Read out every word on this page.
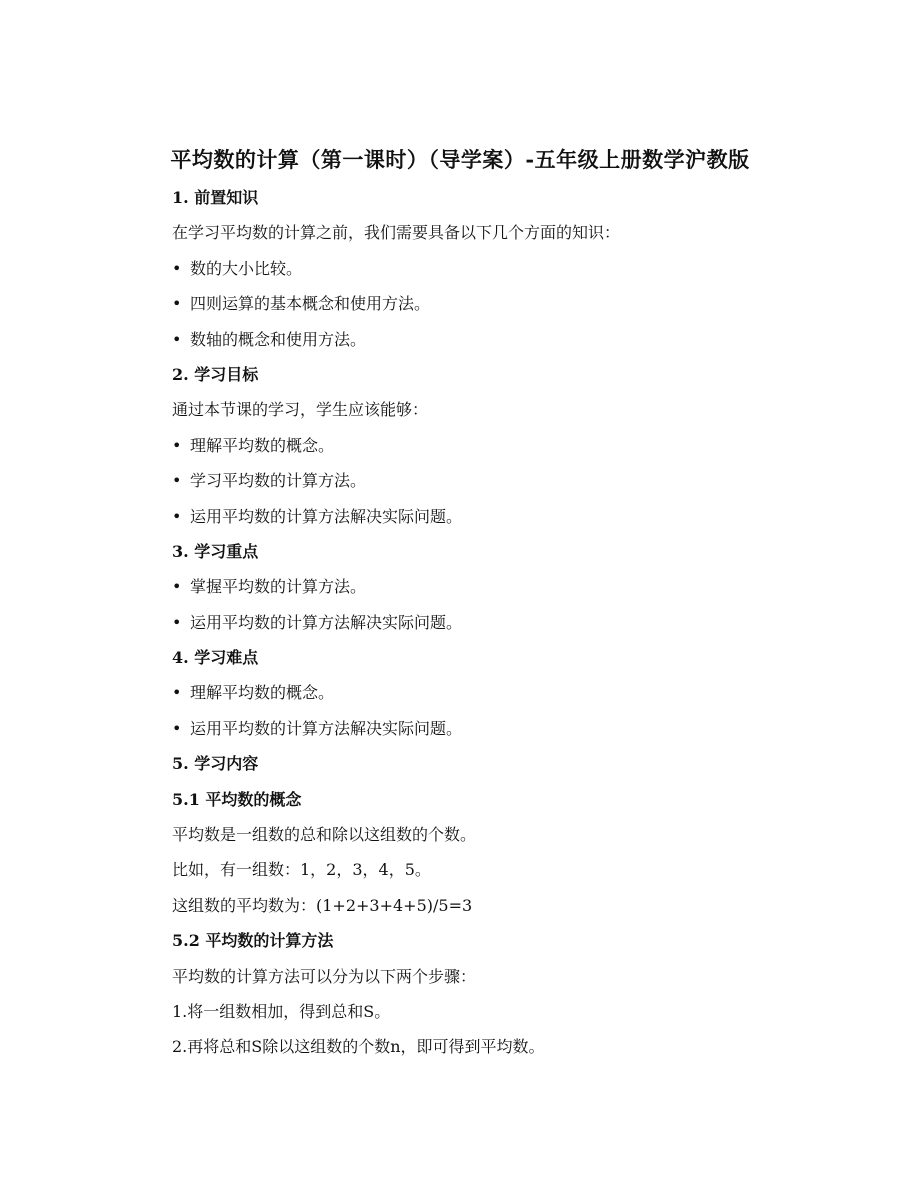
平均数的计算（第一课时）（导学案）-五年级上册数学沪教版
1. 前置知识
在学习平均数的计算之前，我们需要具备以下几个方面的知识：
• 数的大小比较。
• 四则运算的基本概念和使用方法。
• 数轴的概念和使用方法。
2. 学习目标
通过本节课的学习，学生应该能够：
• 理解平均数的概念。
• 学习平均数的计算方法。
• 运用平均数的计算方法解决实际问题。
3. 学习重点
• 掌握平均数的计算方法。
• 运用平均数的计算方法解决实际问题。
4. 学习难点
• 理解平均数的概念。
• 运用平均数的计算方法解决实际问题。
5. 学习内容
5.1 平均数的概念
平均数是一组数的总和除以这组数的个数。
比如，有一组数：1，2，3，4，5。
这组数的平均数为：(1+2+3+4+5)/5=3
5.2 平均数的计算方法
平均数的计算方法可以分为以下两个步骤：
1.将一组数相加，得到总和S。
2.再将总和S除以这组数的个数n，即可得到平均数。
